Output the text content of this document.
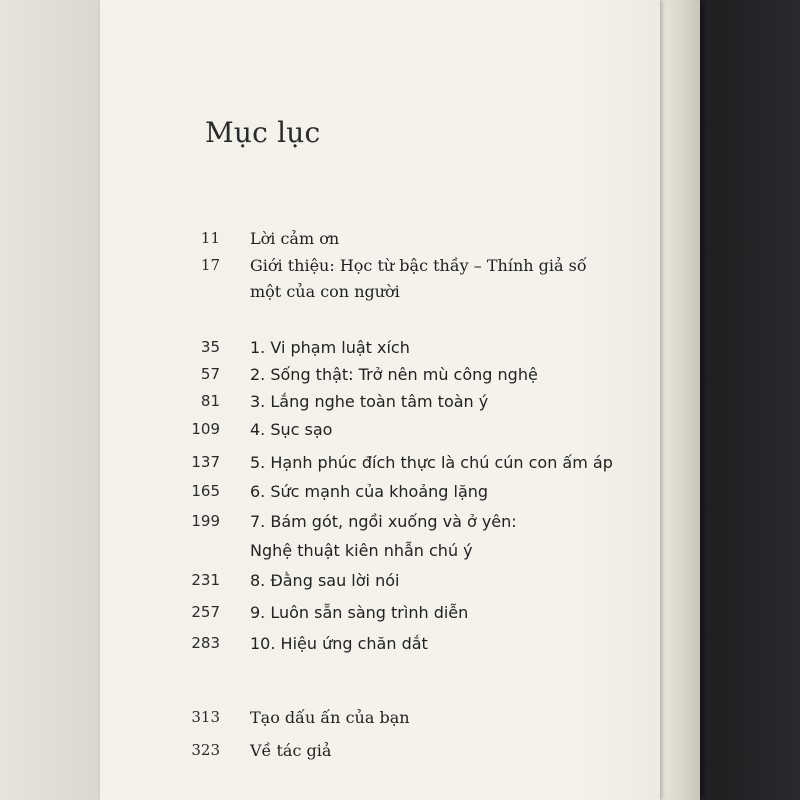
Mục lục
11 Lời cảm ơn
17 Giới thiệu: Học từ bậc thầy – Thính giả số
một của con người
35 1. Vi phạm luật xích
57 2. Sống thật: Trở nên mù công nghệ
81 3. Lắng nghe toàn tâm toàn ý
109 4. Sục sạo
137 5. Hạnh phúc đích thực là chú cún con ấm áp
165 6. Sức mạnh của khoảng lặng
199 7. Bám gót, ngồi xuống và ở yên:
Nghệ thuật kiên nhẫn chú ý
231 8. Đằng sau lời nói
257 9. Luôn sẵn sàng trình diễn
283 10. Hiệu ứng chăn dắt
313 Tạo dấu ấn của bạn
323 Về tác giả
